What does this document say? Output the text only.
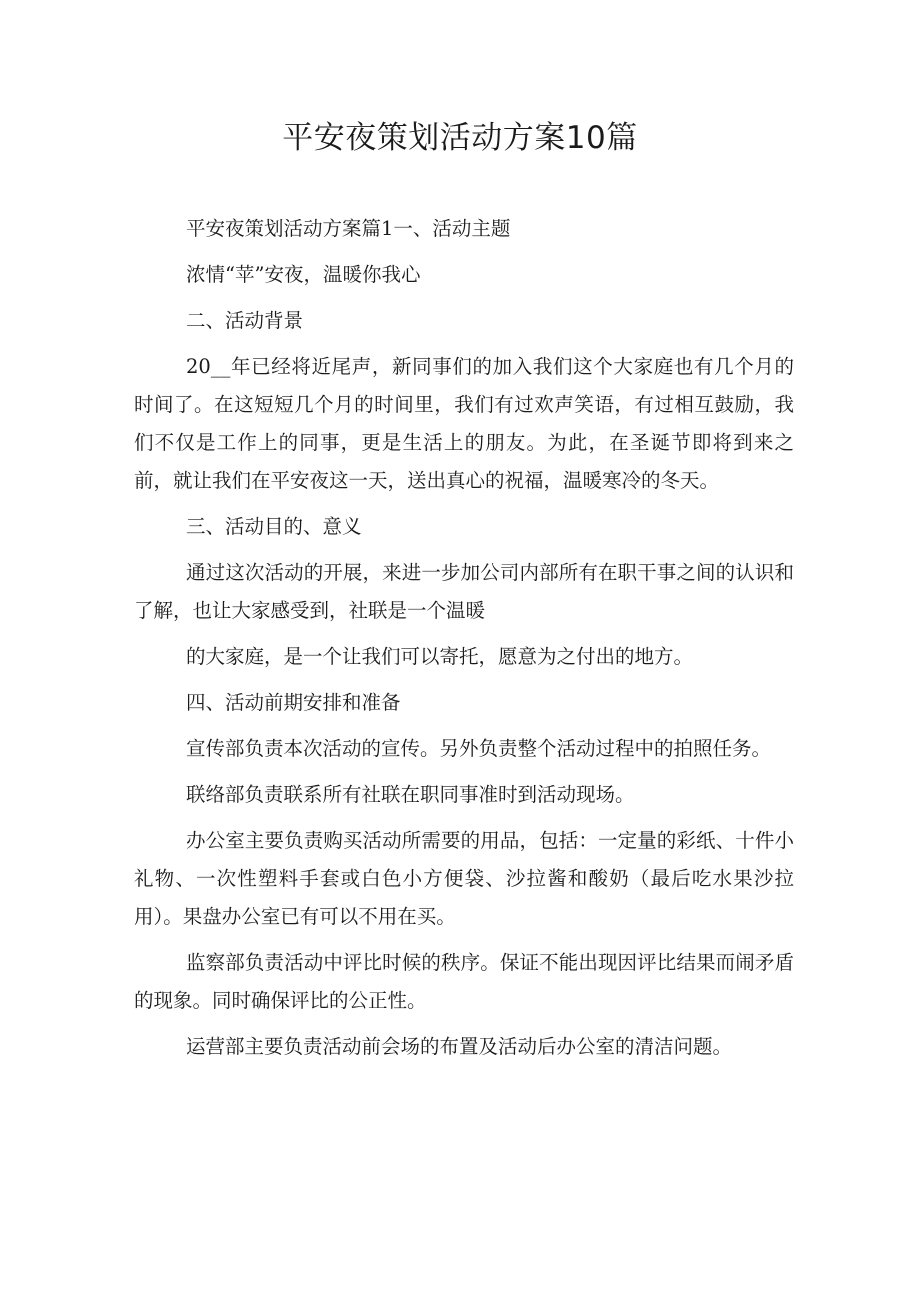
平安夜策划活动方案10篇

平安夜策划活动方案篇1一、活动主题

浓情“苹”安夜，温暖你我心

二、活动背景

20__年已经将近尾声，新同事们的加入我们这个大家庭也有几个月的时间了。在这短短几个月的时间里，我们有过欢声笑语，有过相互鼓励，我们不仅是工作上的同事，更是生活上的朋友。为此，在圣诞节即将到来之前，就让我们在平安夜这一天，送出真心的祝福，温暖寒冷的冬天。

三、活动目的、意义

通过这次活动的开展，来进一步加公司内部所有在职干事之间的认识和了解，也让大家感受到，社联是一个温暖

的大家庭，是一个让我们可以寄托，愿意为之付出的地方。

四、活动前期安排和准备

宣传部负责本次活动的宣传。另外负责整个活动过程中的拍照任务。

联络部负责联系所有社联在职同事准时到活动现场。

办公室主要负责购买活动所需要的用品，包括：一定量的彩纸、十件小礼物、一次性塑料手套或白色小方便袋、沙拉酱和酸奶（最后吃水果沙拉用）。果盘办公室已有可以不用在买。

监察部负责活动中评比时候的秩序。保证不能出现因评比结果而闹矛盾的现象。同时确保评比的公正性。

运营部主要负责活动前会场的布置及活动后办公室的清洁问题。
